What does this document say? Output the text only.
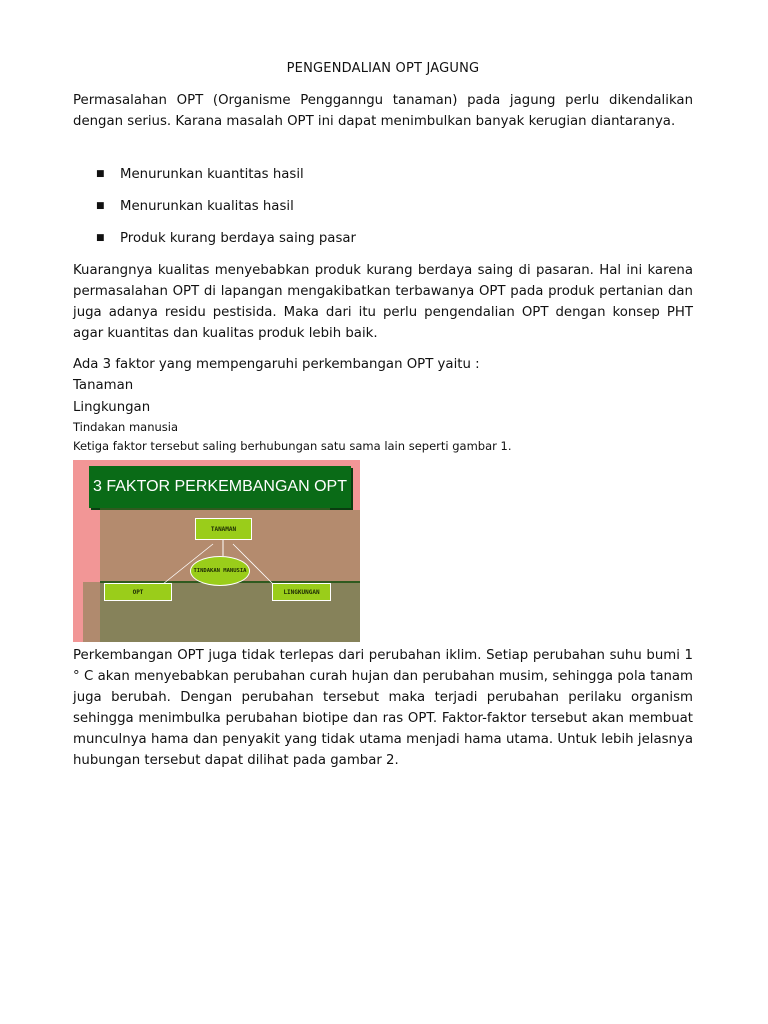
PENGENDALIAN OPT JAGUNG

Permasalahan OPT (Organisme Pengganngu tanaman) pada jagung perlu dikendalikan dengan serius. Karana masalah OPT ini dapat menimbulkan banyak kerugian diantaranya.

■ Menurunkan kuantitas hasil
■ Menurunkan kualitas hasil
■ Produk kurang berdaya saing pasar

Kuarangnya kualitas menyebabkan produk kurang berdaya saing di pasaran. Hal ini karena permasalahan OPT di lapangan mengakibatkan terbawanya OPT pada produk pertanian dan juga adanya residu pestisida. Maka dari itu perlu pengendalian OPT dengan konsep PHT agar kuantitas dan kualitas produk lebih baik.

Ada 3 faktor yang mempengaruhi perkembangan OPT yaitu :
Tanaman
Lingkungan
Tindakan manusia
Ketiga faktor tersebut saling berhubungan satu sama lain seperti gambar 1.

Perkembangan OPT juga tidak terlepas dari perubahan iklim. Setiap perubahan suhu bumi 1 ° C akan menyebabkan perubahan curah hujan dan perubahan musim, sehingga pola tanam juga berubah. Dengan perubahan tersebut maka terjadi perubahan perilaku organism sehingga menimbulka perubahan biotipe dan ras OPT. Faktor-faktor tersebut akan membuat munculnya hama dan penyakit yang tidak utama menjadi hama utama. Untuk lebih jelasnya hubungan tersebut dapat dilihat pada gambar 2.

3 FAKTOR PERKEMBANGAN OPT
TANAMAN
TINDAKAN MANUSIA
OPT	LINGKUNGAN
